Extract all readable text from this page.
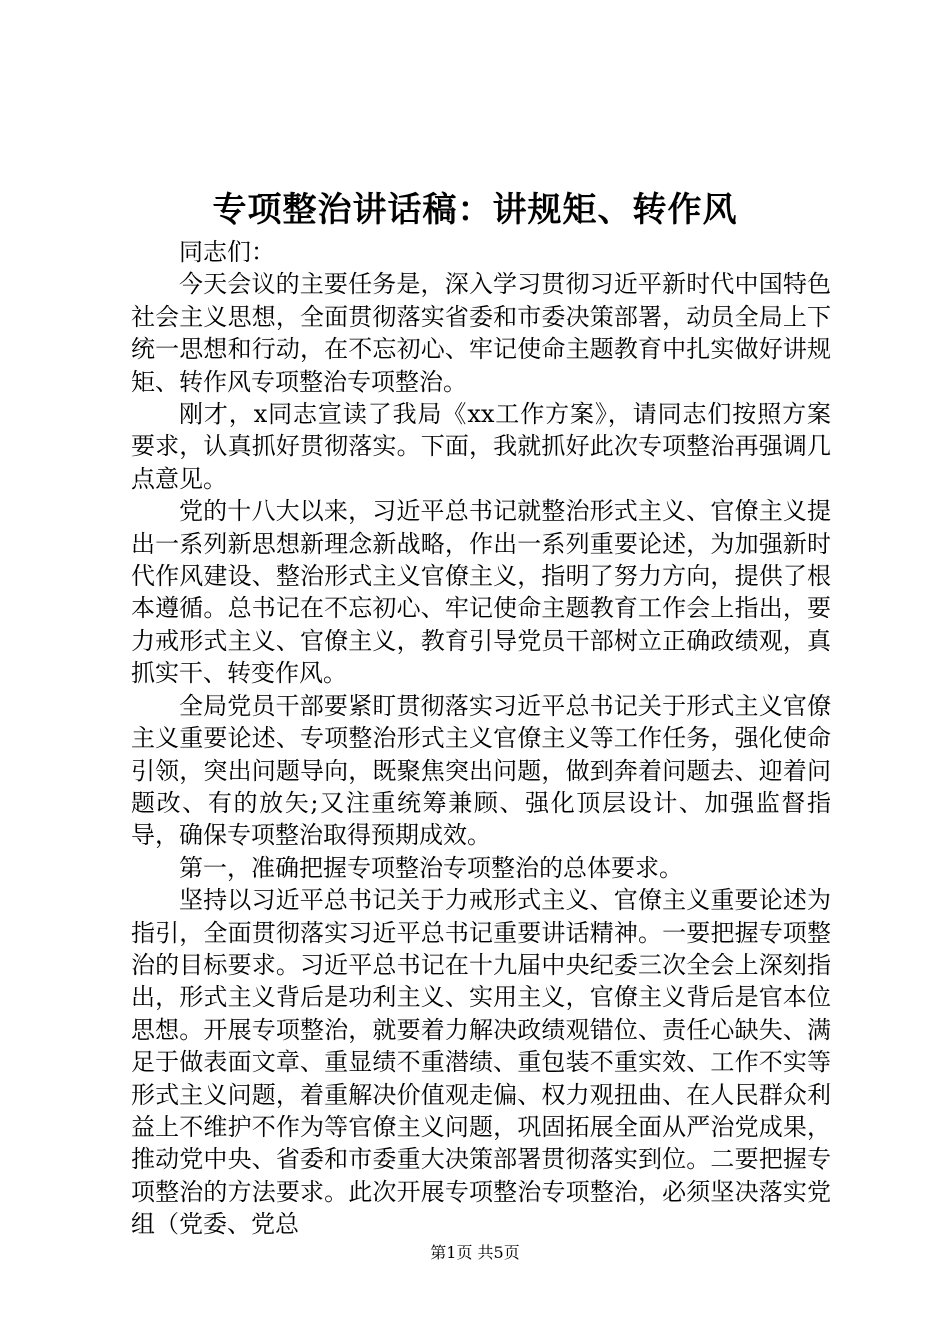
专项整治讲话稿：讲规矩、转作风

同志们：

今天会议的主要任务是，深入学习贯彻习近平新时代中国特色社会主义思想，全面贯彻落实省委和市委决策部署，动员全局上下统一思想和行动，在不忘初心、牢记使命主题教育中扎实做好讲规矩、转作风专项整治专项整治。

刚才，x同志宣读了我局《xx工作方案》，请同志们按照方案要求，认真抓好贯彻落实。下面，我就抓好此次专项整治再强调几点意见。

党的十八大以来，习近平总书记就整治形式主义、官僚主义提出一系列新思想新理念新战略，作出一系列重要论述，为加强新时代作风建设、整治形式主义官僚主义，指明了努力方向，提供了根本遵循。总书记在不忘初心、牢记使命主题教育工作会上指出，要力戒形式主义、官僚主义，教育引导党员干部树立正确政绩观，真抓实干、转变作风。

全局党员干部要紧盯贯彻落实习近平总书记关于形式主义官僚主义重要论述、专项整治形式主义官僚主义等工作任务，强化使命引领，突出问题导向，既聚焦突出问题，做到奔着问题去、迎着问题改、有的放矢;又注重统筹兼顾、强化顶层设计、加强监督指导，确保专项整治取得预期成效。

第一，准确把握专项整治专项整治的总体要求。

坚持以习近平总书记关于力戒形式主义、官僚主义重要论述为指引，全面贯彻落实习近平总书记重要讲话精神。一要把握专项整治的目标要求。习近平总书记在十九届中央纪委三次全会上深刻指出，形式主义背后是功利主义、实用主义，官僚主义背后是官本位思想。开展专项整治，就要着力解决政绩观错位、责任心缺失、满足于做表面文章、重显绩不重潜绩、重包装不重实效、工作不实等形式主义问题，着重解决价值观走偏、权力观扭曲、在人民群众利益上不维护不作为等官僚主义问题，巩固拓展全面从严治党成果，推动党中央、省委和市委重大决策部署贯彻落实到位。二要把握专项整治的方法要求。此次开展专项整治专项整治，必须坚决落实党组（党委、党总

第1页 共5页
